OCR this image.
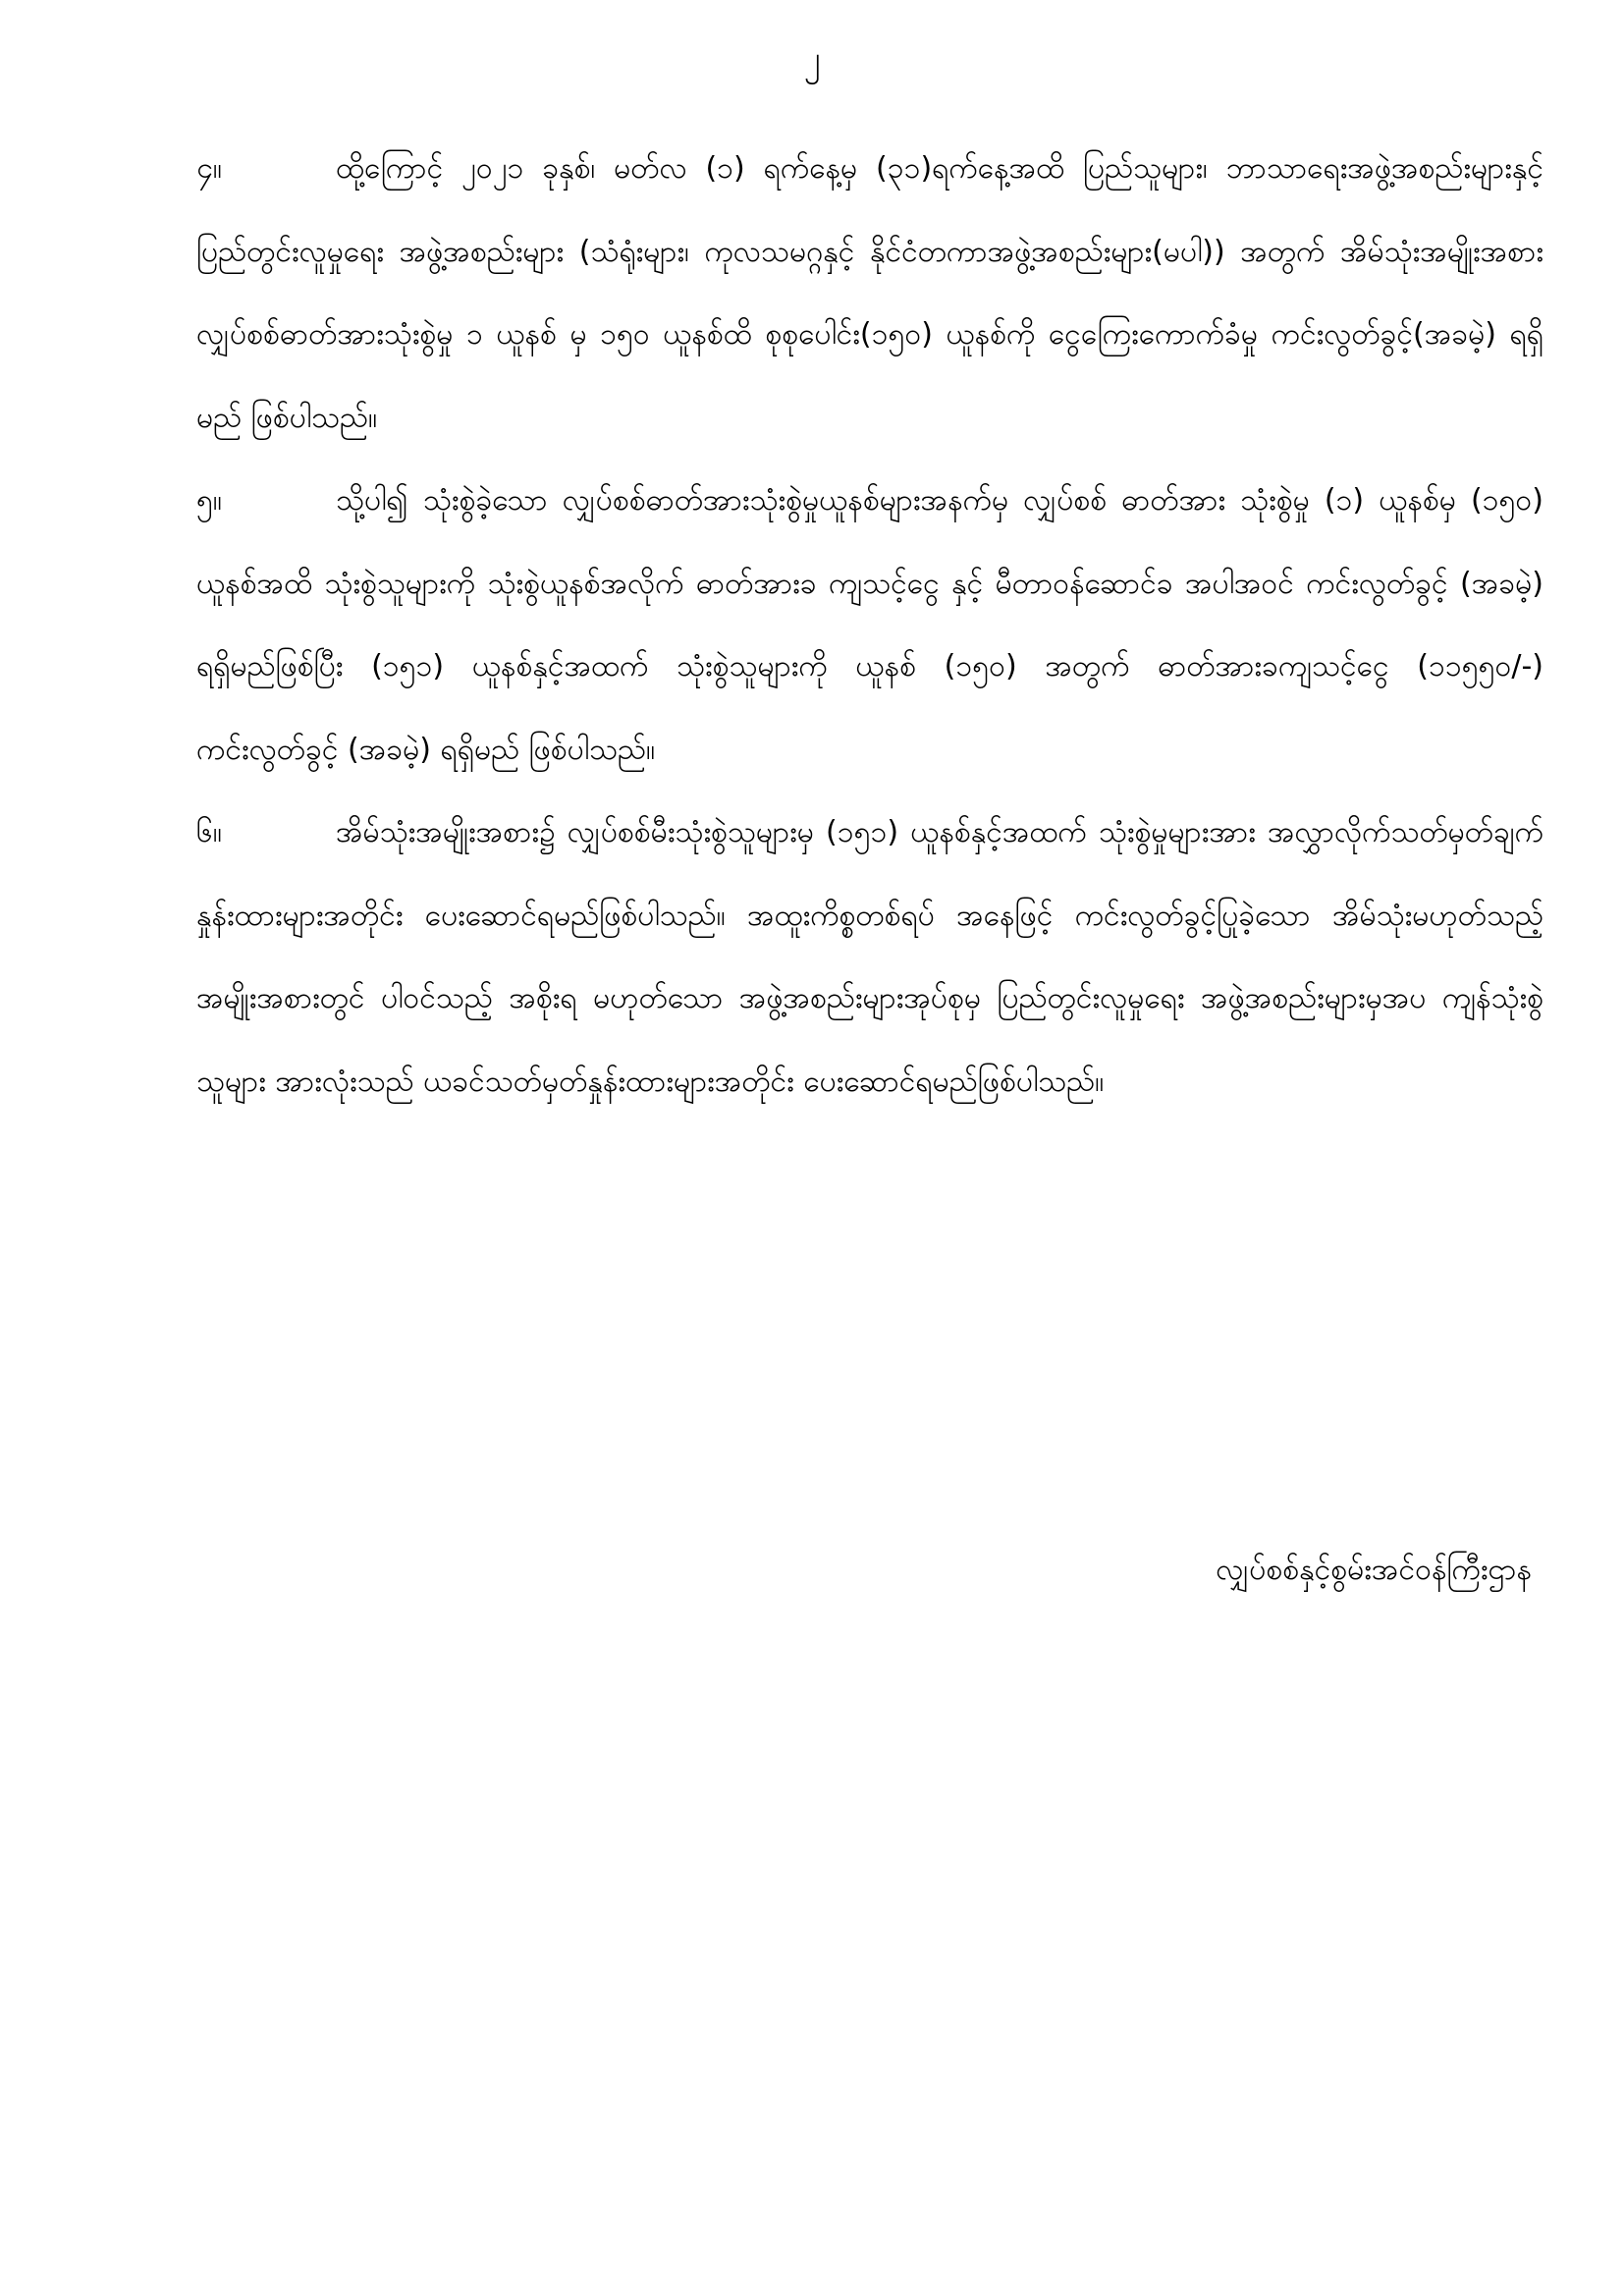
၂

၄။	ထို့ကြောင့် ၂၀၂၁ ခုနှစ်၊ မတ်လ (၁) ရက်နေ့မှ (၃၁)ရက်နေ့အထိ ပြည်သူများ၊ ဘာသာရေးအဖွဲ့အစည်းများနှင့် ပြည်တွင်းလူမှုရေး အဖွဲ့အစည်းများ (သံရုံးများ၊ ကုလသမဂ္ဂနှင့် နိုင်ငံတကာအဖွဲ့အစည်းများ(မပါ)) အတွက် အိမ်သုံးအမျိုးအစား လျှပ်စစ်ဓာတ်အားသုံးစွဲမှု ၁ ယူနစ် မှ ၁၅၀ ယူနစ်ထိ စုစုပေါင်း(၁၅၀) ယူနစ်ကို ငွေကြေးကောက်ခံမှု ကင်းလွတ်ခွင့်(အခမဲ့) ရရှိမည် ဖြစ်ပါသည်။

၅။	သို့ပါ၍ သုံးစွဲခဲ့သော လျှပ်စစ်ဓာတ်အားသုံးစွဲမှုယူနစ်များအနက်မှ လျှပ်စစ် ဓာတ်အား သုံးစွဲမှု (၁) ယူနစ်မှ (၁၅၀) ယူနစ်အထိ သုံးစွဲသူများကို သုံးစွဲယူနစ်အလိုက် ဓာတ်အားခ ကျသင့်ငွေ နှင့် မီတာဝန်ဆောင်ခ အပါအဝင် ကင်းလွတ်ခွင့် (အခမဲ့) ရရှိမည်ဖြစ်ပြီး (၁၅၁) ယူနစ်နှင့်အထက် သုံးစွဲသူများကို ယူနစ် (၁၅၀) အတွက် ဓာတ်အားခကျသင့်ငွေ (၁၁၅၅၀/-) ကင်းလွတ်ခွင့် (အခမဲ့) ရရှိမည် ဖြစ်ပါသည်။

၆။	အိမ်သုံးအမျိုးအစား၌ လျှပ်စစ်မီးသုံးစွဲသူများမှ (၁၅၁) ယူနစ်နှင့်အထက် သုံးစွဲမှုများအား အလွှာလိုက်သတ်မှတ်ချက်နှုန်းထားများအတိုင်း ပေးဆောင်ရမည်ဖြစ်ပါသည်။ အထူးကိစ္စတစ်ရပ် အနေဖြင့် ကင်းလွတ်ခွင့်ပြုခဲ့သော အိမ်သုံးမဟုတ်သည့် အမျိုးအစားတွင် ပါဝင်သည့် အစိုးရ မဟုတ်သော အဖွဲ့အစည်းများအုပ်စုမှ ပြည်တွင်းလူမှုရေး အဖွဲ့အစည်းများမှအပ ကျန်သုံးစွဲသူများ အားလုံးသည် ယခင်သတ်မှတ်နှုန်းထားများအတိုင်း ပေးဆောင်ရမည်ဖြစ်ပါသည်။

လျှပ်စစ်နှင့်စွမ်းအင်ဝန်ကြီးဌာန
